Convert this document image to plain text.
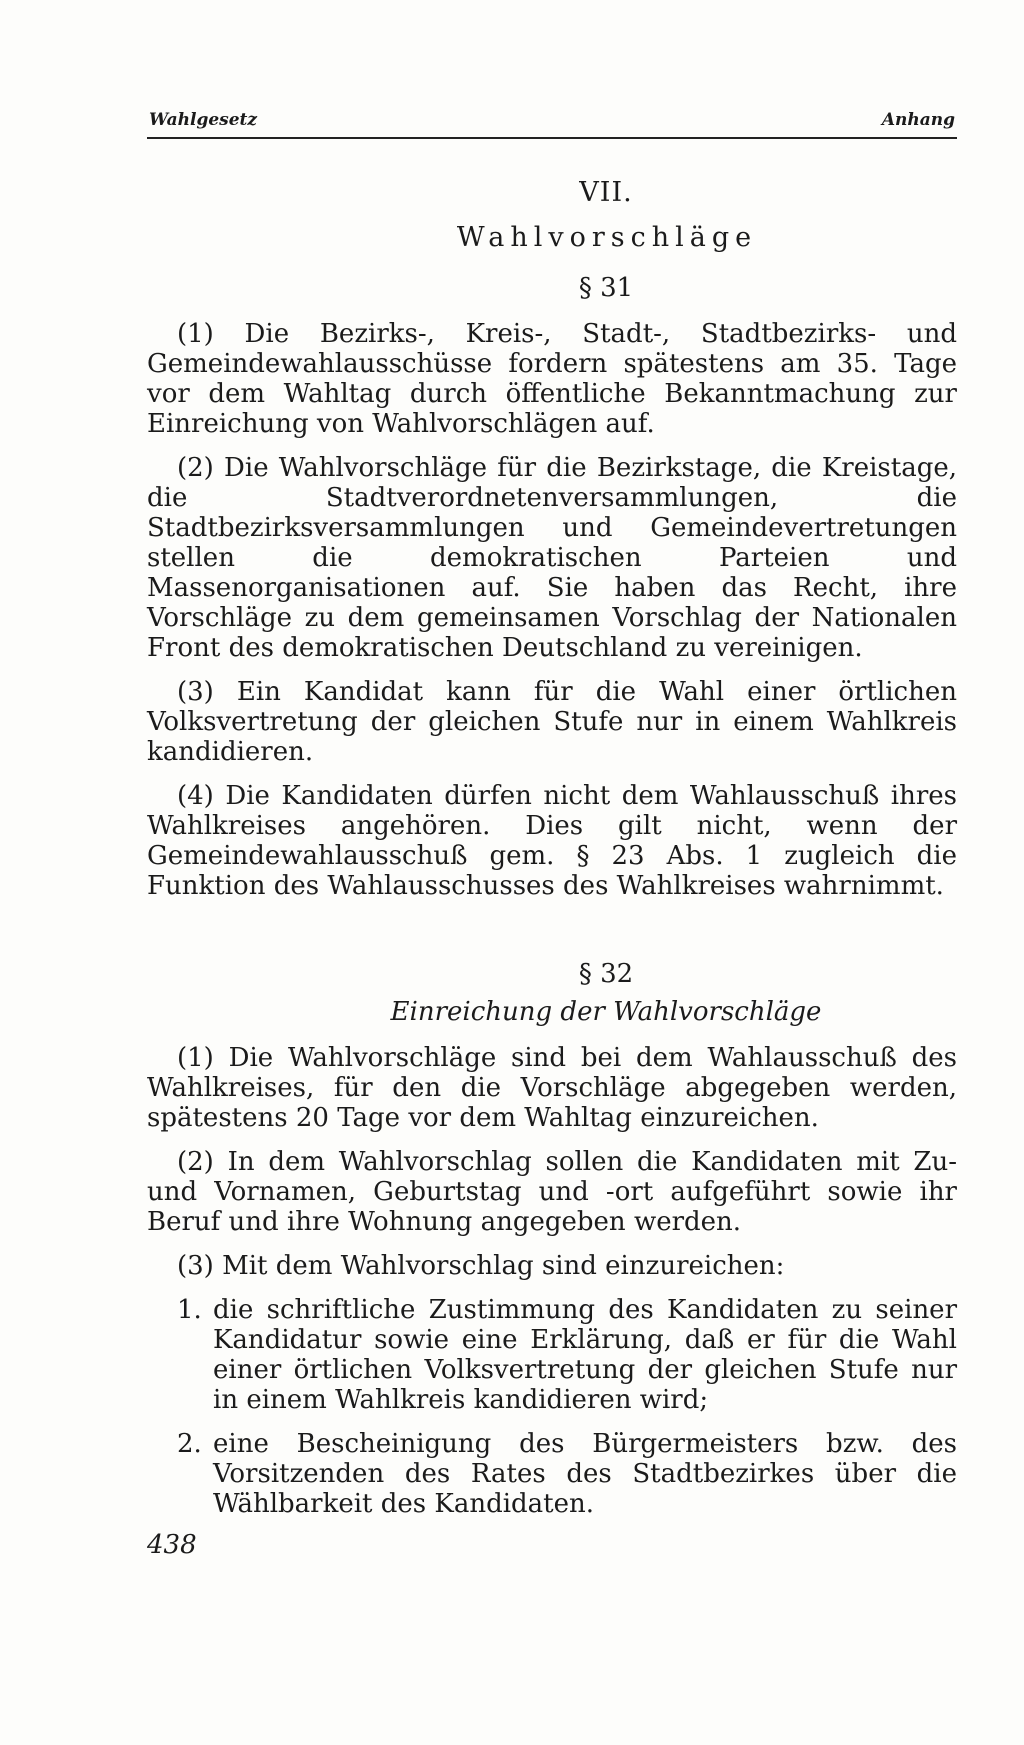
Wahlgesetz	Anhang
VII.
Wahlvorschläge
§ 31

(1) Die Bezirks-, Kreis-, Stadt-, Stadtbezirks- und Gemeindewahlausschüsse fordern spätestens am 35. Tage vor dem Wahltag durch öffentliche Bekanntmachung zur Einreichung von Wahlvorschlägen auf.

(2) Die Wahlvorschläge für die Bezirkstage, die Kreistage, die Stadtverordnetenversammlungen, die Stadtbezirksversammlungen und Gemeindevertretungen stellen die demokratischen Parteien und Massenorganisationen auf. Sie haben das Recht, ihre Vorschläge zu dem gemeinsamen Vorschlag der Nationalen Front des demokratischen Deutschland zu vereinigen.

(3) Ein Kandidat kann für die Wahl einer örtlichen Volksvertretung der gleichen Stufe nur in einem Wahlkreis kandidieren.

(4) Die Kandidaten dürfen nicht dem Wahlausschuß ihres Wahlkreises angehören. Dies gilt nicht, wenn der Gemeindewahlausschuß gem. § 23 Abs. 1 zugleich die Funktion des Wahlausschusses des Wahlkreises wahrnimmt.

§ 32
Einreichung der Wahlvorschläge

(1) Die Wahlvorschläge sind bei dem Wahlausschuß des Wahlkreises, für den die Vorschläge abgegeben werden, spätestens 20 Tage vor dem Wahltag einzureichen.

(2) In dem Wahlvorschlag sollen die Kandidaten mit Zu- und Vornamen, Geburtstag und -ort aufgeführt sowie ihr Beruf und ihre Wohnung angegeben werden.

(3) Mit dem Wahlvorschlag sind einzureichen:

1. die schriftliche Zustimmung des Kandidaten zu seiner Kandidatur sowie eine Erklärung, daß er für die Wahl einer örtlichen Volksvertretung der gleichen Stufe nur in einem Wahlkreis kandidieren wird;
2. eine Bescheinigung des Bürgermeisters bzw. des Vorsitzenden des Rates des Stadtbezirkes über die Wählbarkeit des Kandidaten.
438
